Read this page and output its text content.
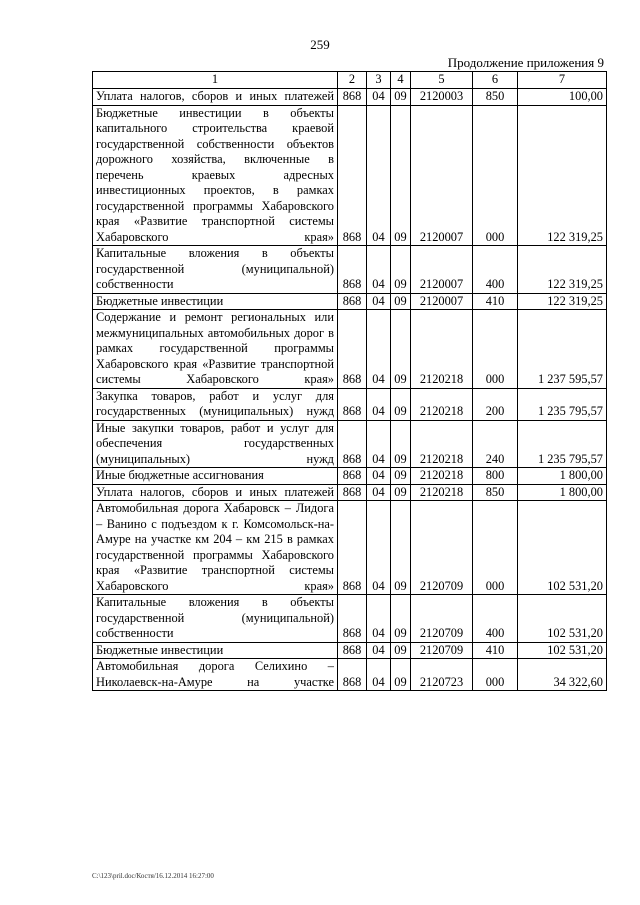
259
Продолжение приложения 9
1	2	3	4	5	6	7
Уплата налогов, сборов и иных платежей	868	04	09	2120003	850	100,00
Бюджетные инвестиции в объекты капитального строительства краевой государственной собственности объектов дорожного хозяйства, включенные в перечень краевых адресных инвестиционных проектов, в рамках государственной программы Хабаровского края «Развитие транспортной системы Хабаровского края»	868	04	09	2120007	000	122 319,25
Капитальные вложения в объекты государственной (муниципальной) собственности	868	04	09	2120007	400	122 319,25
Бюджетные инвестиции	868	04	09	2120007	410	122 319,25
Содержание и ремонт региональных или межмуниципальных автомобильных дорог в рамках государственной программы Хабаровского края «Развитие транспортной системы Хабаровского края»	868	04	09	2120218	000	1 237 595,57
Закупка товаров, работ и услуг для государственных (муниципальных) нужд	868	04	09	2120218	200	1 235 795,57
Иные закупки товаров, работ и услуг для обеспечения государственных (муниципальных) нужд	868	04	09	2120218	240	1 235 795,57
Иные бюджетные ассигнования	868	04	09	2120218	800	1 800,00
Уплата налогов, сборов и иных платежей	868	04	09	2120218	850	1 800,00
Автомобильная дорога Хабаровск – Лидога – Ванино с подъездом к г. Комсомольск-на-Амуре на участке км 204 – км 215 в рамках государственной программы Хабаровского края «Развитие транспортной системы Хабаровского края»	868	04	09	2120709	000	102 531,20
Капитальные вложения в объекты государственной (муниципальной) собственности	868	04	09	2120709	400	102 531,20
Бюджетные инвестиции	868	04	09	2120709	410	102 531,20
Автомобильная дорога Селихино – Николаевск-на-Амуре на участке	868	04	09	2120723	000	34 322,60
C:\123\pril.doc/Костя/16.12.2014 16:27:00
